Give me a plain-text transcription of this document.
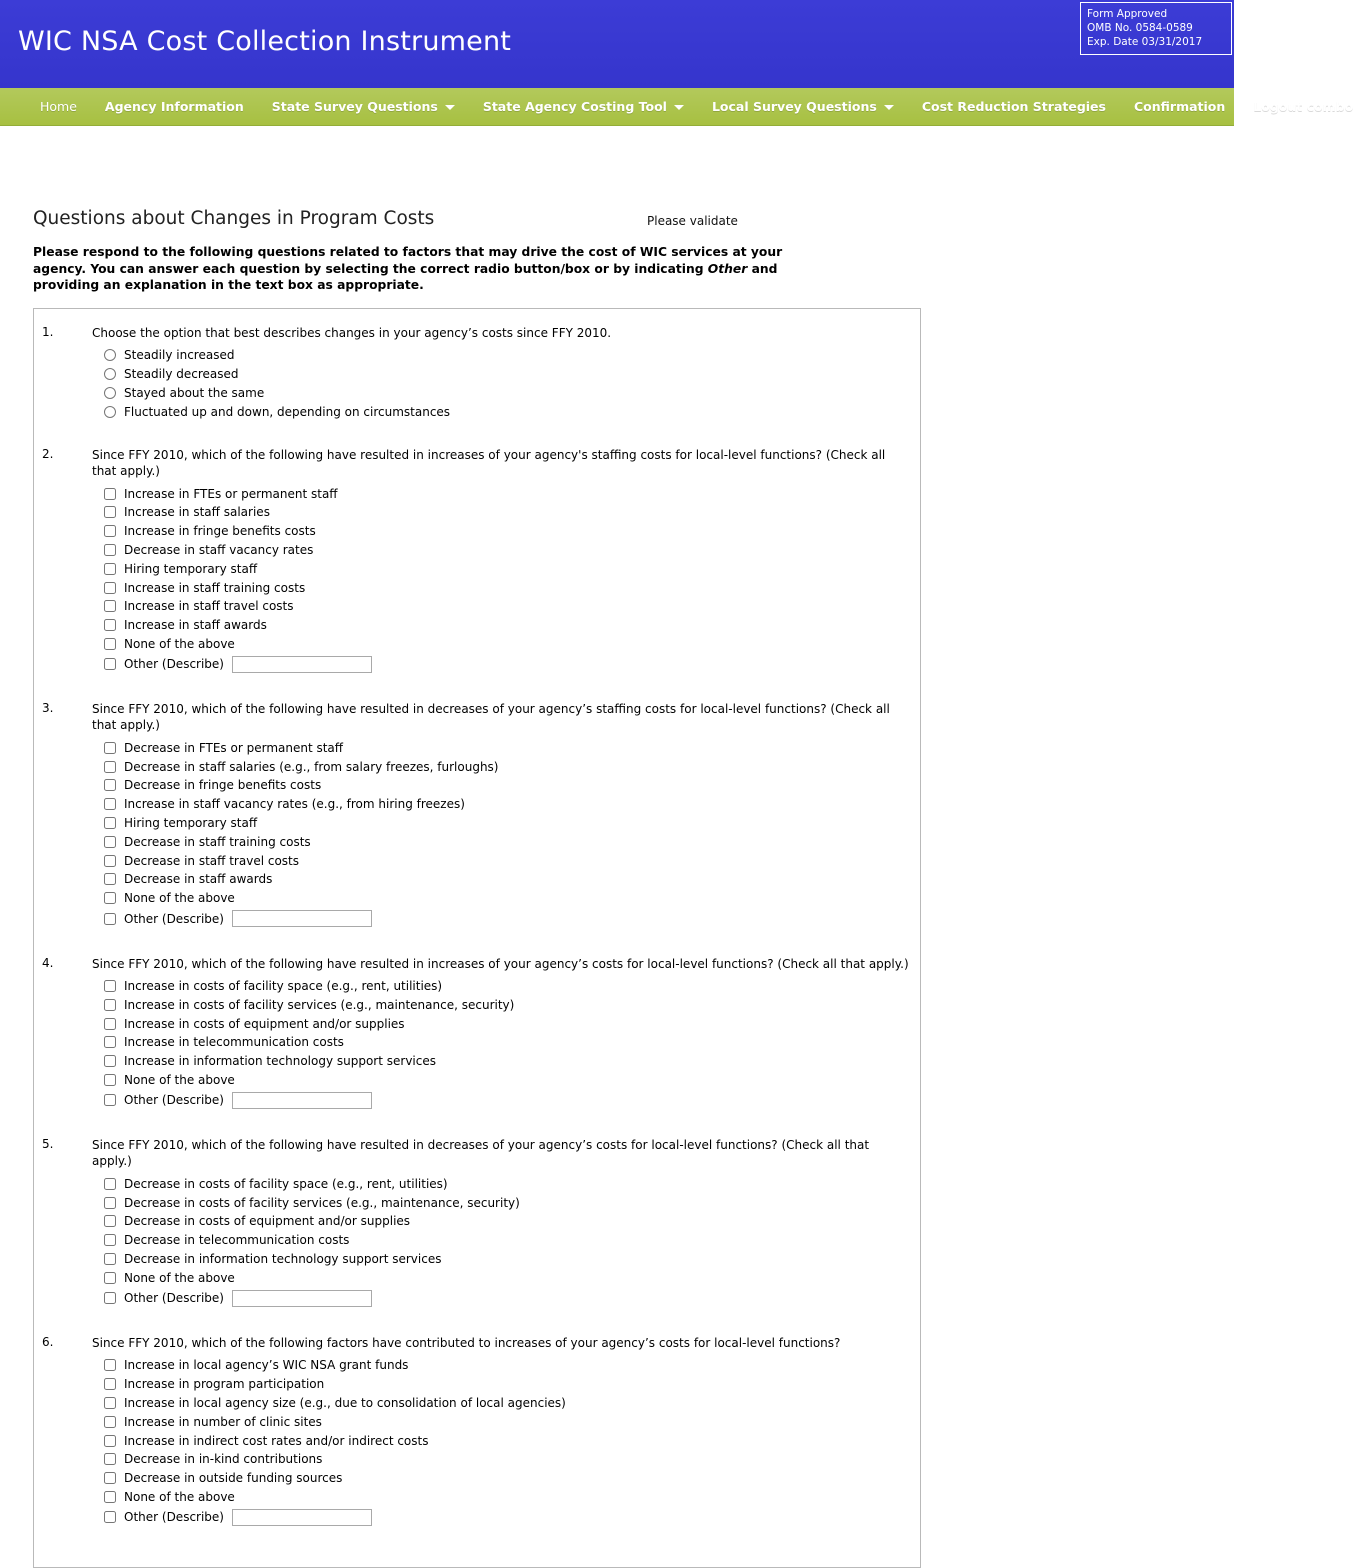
WIC NSA Cost Collection Instrument
Form Approved
OMB No. 0584-0589
Exp. Date 03/31/2017
Home	Agency Information	State Survey Questions	State Agency Costing Tool	Local Survey Questions	Cost Reduction Strategies	Confirmation	Logout combo
Questions about Changes in Program Costs	Please validate
Please respond to the following questions related to factors that may drive the cost of WIC services at your agency. You can answer each question by selecting the correct radio button/box or by indicating Other and providing an explanation in the text box as appropriate.
1.	Choose the option that best describes changes in your agency’s costs since FFY 2010.
Steadily increased
Steadily decreased
Stayed about the same
Fluctuated up and down, depending on circumstances
2.	Since FFY 2010, which of the following have resulted in increases of your agency's staffing costs for local-level functions? (Check all that apply.)
Increase in FTEs or permanent staff
Increase in staff salaries
Increase in fringe benefits costs
Decrease in staff vacancy rates
Hiring temporary staff
Increase in staff training costs
Increase in staff travel costs
Increase in staff awards
None of the above
Other (Describe)
3.	Since FFY 2010, which of the following have resulted in decreases of your agency’s staffing costs for local-level functions? (Check all that apply.)
Decrease in FTEs or permanent staff
Decrease in staff salaries (e.g., from salary freezes, furloughs)
Decrease in fringe benefits costs
Increase in staff vacancy rates (e.g., from hiring freezes)
Hiring temporary staff
Decrease in staff training costs
Decrease in staff travel costs
Decrease in staff awards
None of the above
Other (Describe)
4.	Since FFY 2010, which of the following have resulted in increases of your agency’s costs for local-level functions? (Check all that apply.)
Increase in costs of facility space (e.g., rent, utilities)
Increase in costs of facility services (e.g., maintenance, security)
Increase in costs of equipment and/or supplies
Increase in telecommunication costs
Increase in information technology support services
None of the above
Other (Describe)
5.	Since FFY 2010, which of the following have resulted in decreases of your agency’s costs for local-level functions? (Check all that apply.)
Decrease in costs of facility space (e.g., rent, utilities)
Decrease in costs of facility services (e.g., maintenance, security)
Decrease in costs of equipment and/or supplies
Decrease in telecommunication costs
Decrease in information technology support services
None of the above
Other (Describe)
6.	Since FFY 2010, which of the following factors have contributed to increases of your agency’s costs for local-level functions?
Increase in local agency’s WIC NSA grant funds
Increase in program participation
Increase in local agency size (e.g., due to consolidation of local agencies)
Increase in number of clinic sites
Increase in indirect cost rates and/or indirect costs
Decrease in in-kind contributions
Decrease in outside funding sources
None of the above
Other (Describe)
